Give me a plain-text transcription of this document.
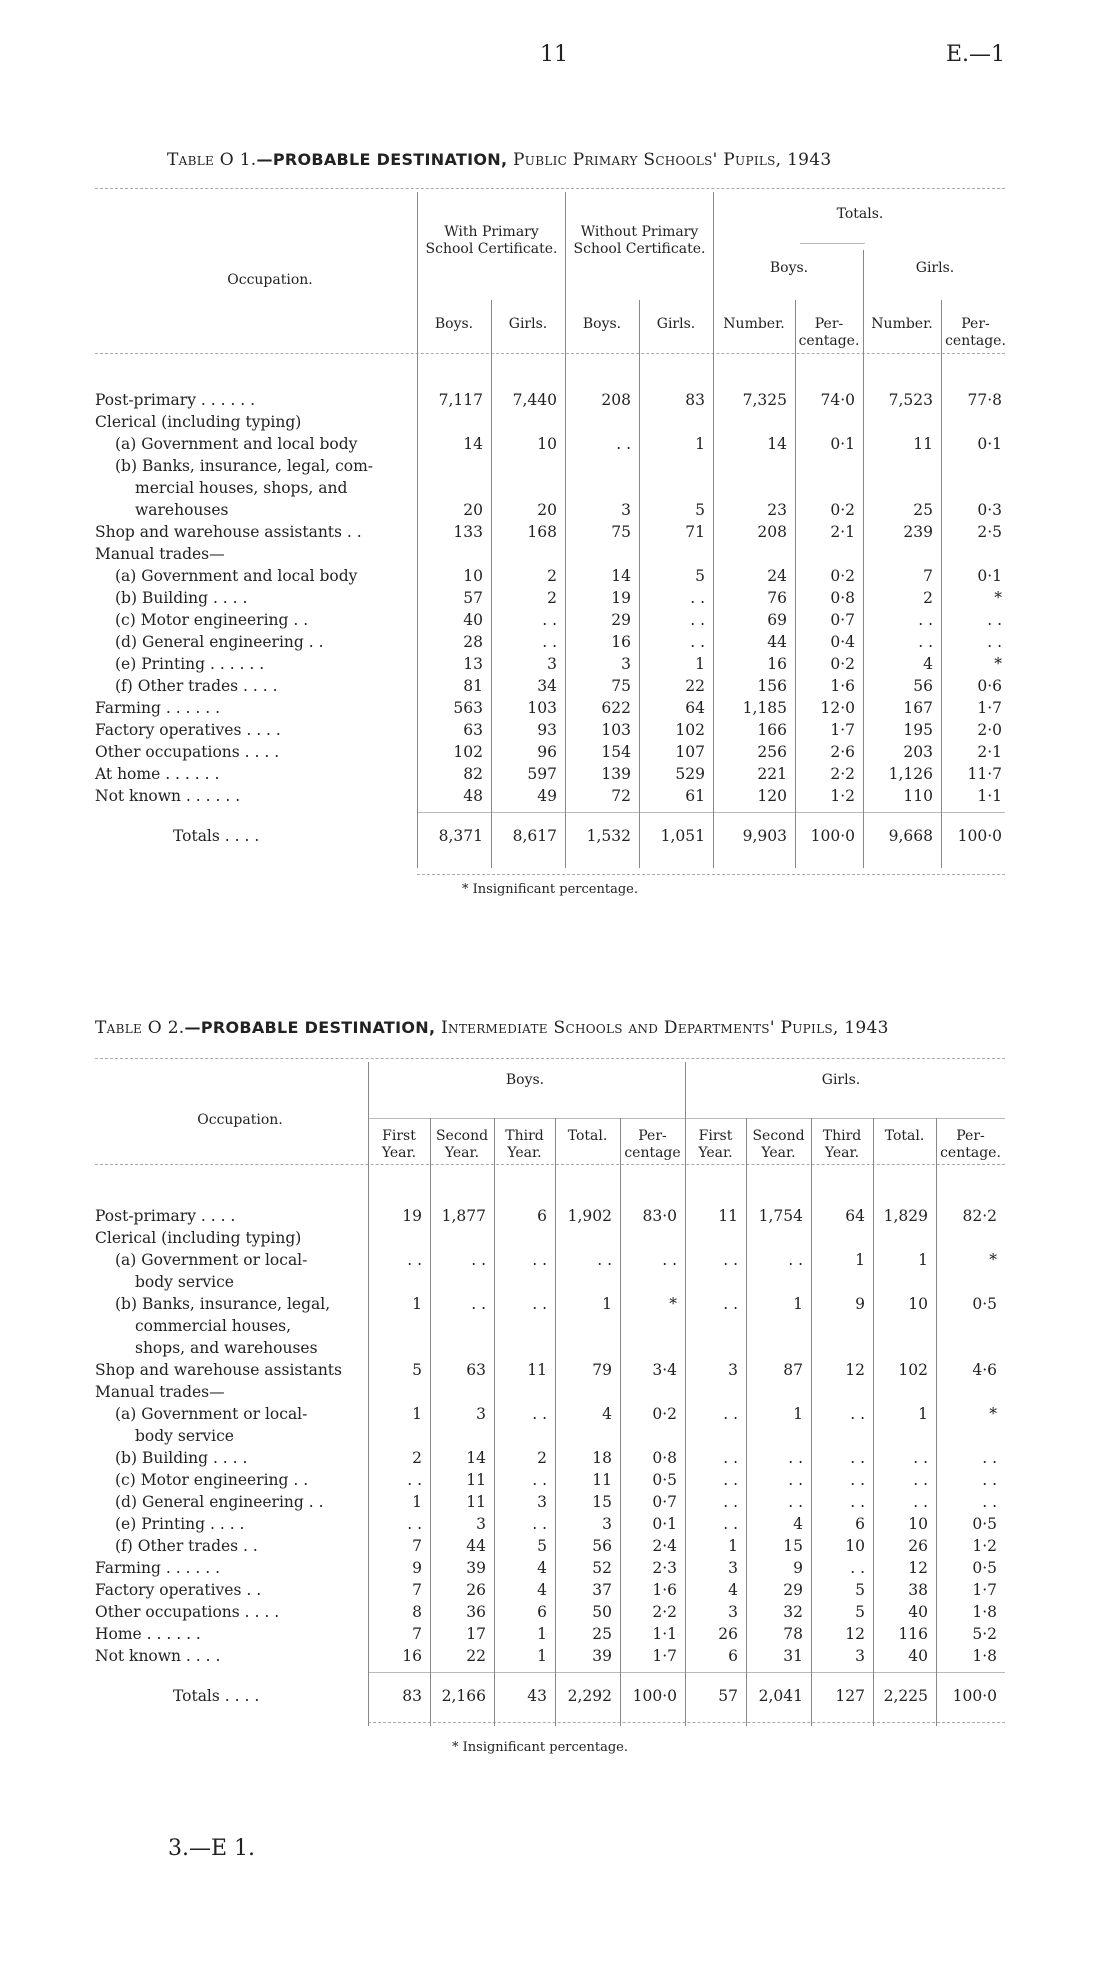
11	E.—1
Table O 1.—PROBABLE DESTINATION, Public Primary Schools' Pupils, 1943
Occupation.
With Primary School Certificate.
Without Primary School Certificate.
Totals.
Boys.	Girls.
Boys.	Girls.	Boys.	Girls.	Number.	Per-centage.
Number.	Per-centage.
Post-primary . . . . . .	7,117	7,440	208	83	7,325	74·0	7,523	77·8
Clerical (including typing)
(a) Government and local body	14	10	. .	1	14	0·1	11	0·1
(b) Banks, insurance, legal, com-
mercial houses, shops, and
warehouses	20	20	3	5	23	0·2	25	0·3
Shop and warehouse assistants . .	133	168	75	71	208	2·1	239	2·5
Manual trades—
(a) Government and local body	10	2	14	5	24	0·2	7	0·1
(b) Building . . . .	57	2	19	. .	76	0·8	2	*
(c) Motor engineering . .	40	. .	29	. .	69	0·7	. .	. .
(d) General engineering . .	28	. .	16	. .	44	0·4	. .	. .
(e) Printing . . . . . .	13	3	3	1	16	0·2	4	*
(f) Other trades . . . .	81	34	75	22	156	1·6	56	0·6
Farming . . . . . .	563	103	622	64	1,185	12·0	167	1·7
Factory operatives . . . .	63	93	103	102	166	1·7	195	2·0
Other occupations . . . .	102	96	154	107	256	2·6	203	2·1
At home . . . . . .	82	597	139	529	221	2·2	1,126	11·7
Not known . . . . . .	48	49	72	61	120	1·2	110	1·1
Totals . . . .	8,371	8,617	1,532	1,051	9,903	100·0	9,668	100·0
* Insignificant percentage.
Table O 2.—PROBABLE DESTINATION, Intermediate Schools and Departments' Pupils, 1943
Occupation.
Boys.	Girls.
First Year.
Second Year.
Third Year.
Total.	Per-centage
First Year.
Second Year.
Third Year.
Total.	Per-centage.
Post-primary . . . .	19	1,877	6	1,902	83·0	11	1,754	64	1,829	82·2
Clerical (including typing)
(a) Government or local-	. .	. .	. .	. .	. .	. .	. .	1	1	*
body service
(b) Banks, insurance, legal,	1	. .	. .	1	*	. .	1	9	10	0·5
commercial houses,
shops, and warehouses
Shop and warehouse assistants	5	63	11	79	3·4	3	87	12	102	4·6
Manual trades—
(a) Government or local-	1	3	. .	4	0·2	. .	1	. .	1	*
body service
(b) Building . . . .	2	14	2	18	0·8	. .	. .	. .	. .	. .
(c) Motor engineering . .	. .	11	. .	11	0·5	. .	. .	. .	. .	. .
(d) General engineering . .	1	11	3	15	0·7	. .	. .	. .	. .	. .
(e) Printing . . . .	. .	3	. .	3	0·1	. .	4	6	10	0·5
(f) Other trades . .	7	44	5	56	2·4	1	15	10	26	1·2
Farming . . . . . .	9	39	4	52	2·3	3	9	. .	12	0·5
Factory operatives . .	7	26	4	37	1·6	4	29	5	38	1·7
Other occupations . . . .	8	36	6	50	2·2	3	32	5	40	1·8
Home . . . . . .	7	17	1	25	1·1	26	78	12	116	5·2
Not known . . . .	16	22	1	39	1·7	6	31	3	40	1·8
Totals . . . .	83	2,166	43	2,292	100·0	57	2,041	127	2,225	100·0
* Insignificant percentage.
3.—E 1.
